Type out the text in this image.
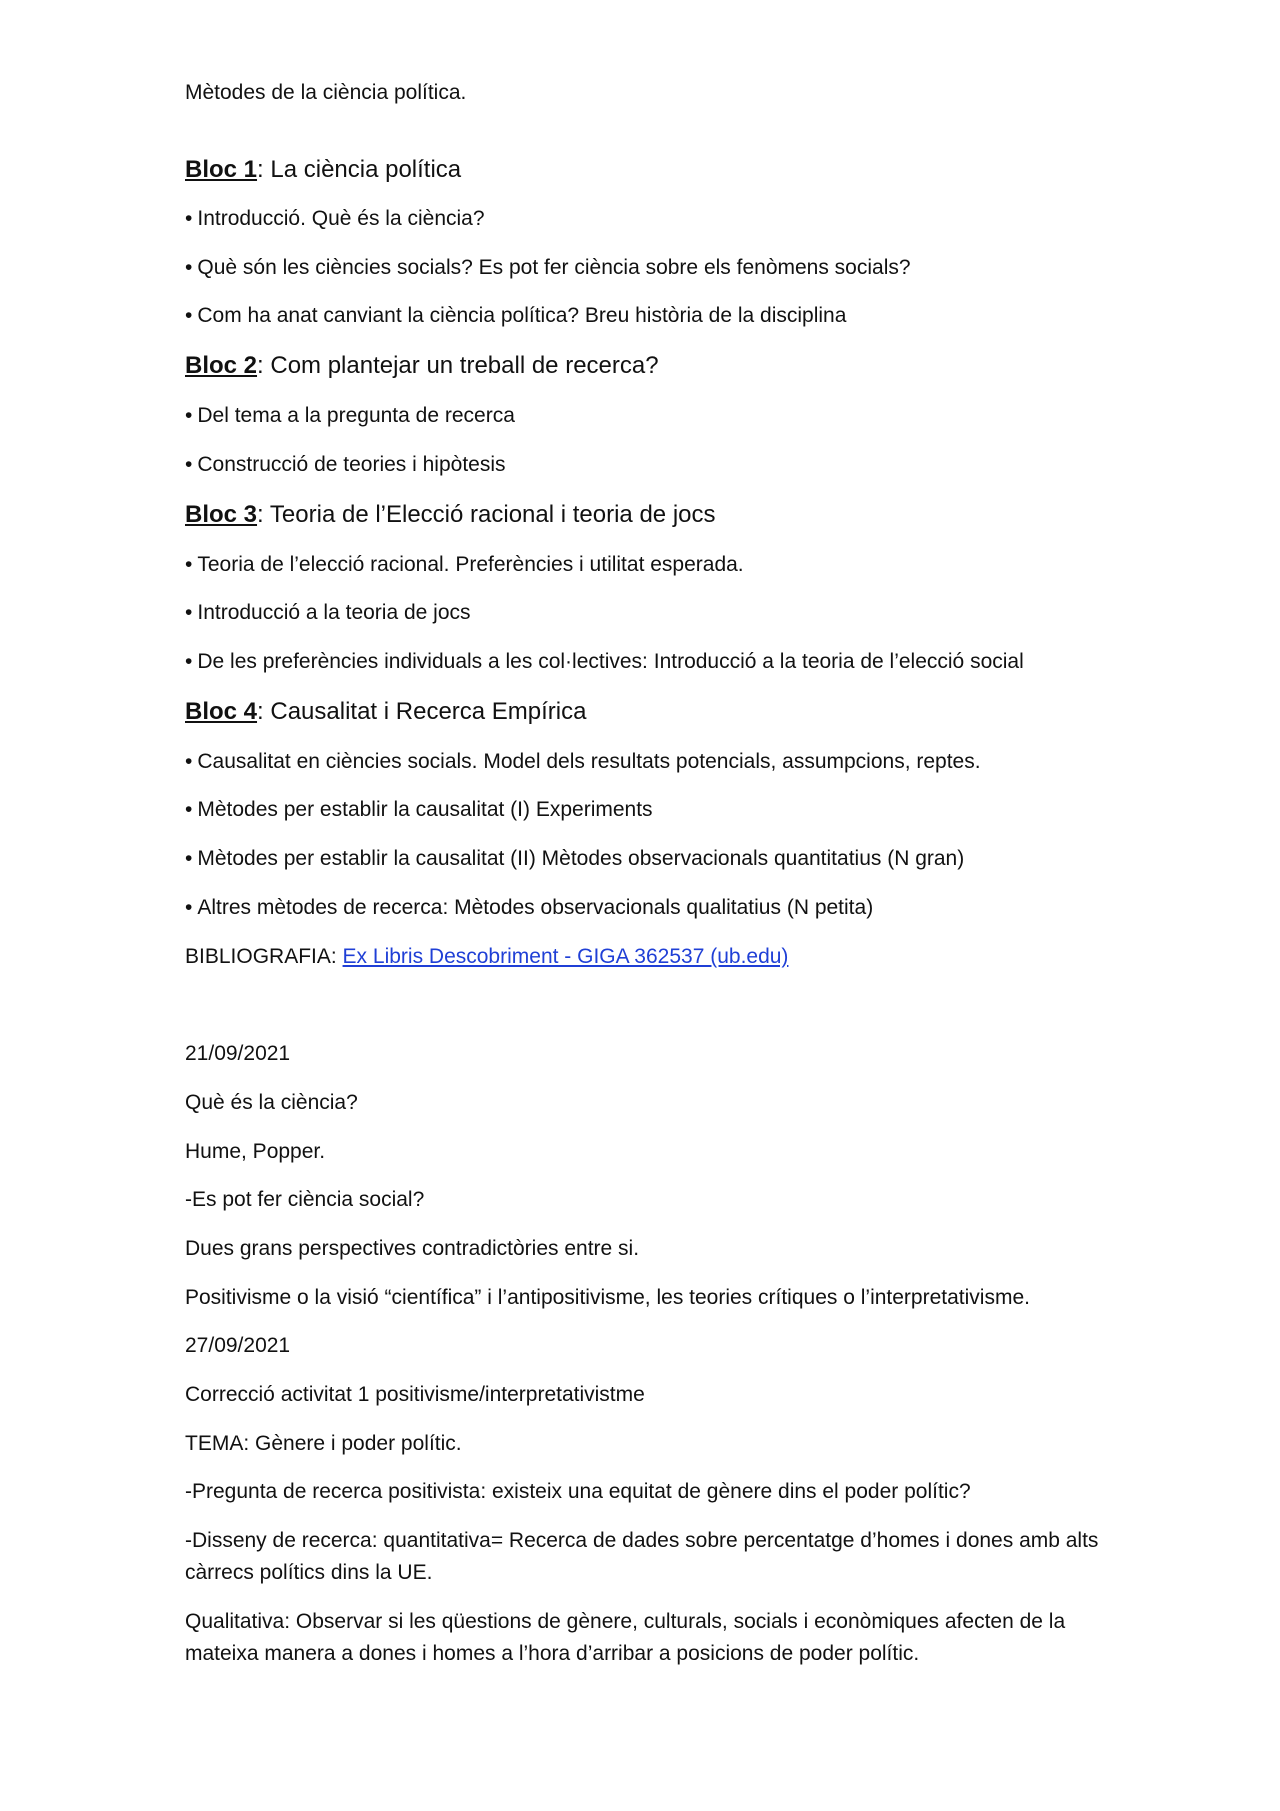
Mètodes de la ciència política.
Bloc 1: La ciència política
• Introducció. Què és la ciència?
• Què són les ciències socials? Es pot fer ciència sobre els fenòmens socials?
• Com ha anat canviant la ciència política? Breu història de la disciplina
Bloc 2: Com plantejar un treball de recerca?
• Del tema a la pregunta de recerca
• Construcció de teories i hipòtesis
Bloc 3: Teoria de l’Elecció racional i teoria de jocs
• Teoria de l’elecció racional. Preferències i utilitat esperada.
• Introducció a la teoria de jocs
• De les preferències individuals a les col·lectives: Introducció a la teoria de l’elecció social
Bloc 4: Causalitat i Recerca Empírica
• Causalitat en ciències socials. Model dels resultats potencials, assumpcions, reptes.
• Mètodes per establir la causalitat (I) Experiments
• Mètodes per establir la causalitat (II) Mètodes observacionals quantitatius (N gran)
• Altres mètodes de recerca: Mètodes observacionals qualitatius (N petita)
BIBLIOGRAFIA: Ex Libris Descobriment - GIGA 362537 (ub.edu)
21/09/2021
Què és la ciència?
Hume, Popper.
-Es pot fer ciència social?
Dues grans perspectives contradictòries entre si.
Positivisme o la visió “científica” i l’antipositivisme, les teories crítiques o l’interpretativisme.
27/09/2021
Correcció activitat 1 positivisme/interpretativistme
TEMA: Gènere i poder polític.
-Pregunta de recerca positivista: existeix una equitat de gènere dins el poder polític?
-Disseny de recerca: quantitativa= Recerca de dades sobre percentatge d’homes i dones amb alts càrrecs polítics dins la UE.
Qualitativa: Observar si les qüestions de gènere, culturals, socials i econòmiques afecten de la mateixa manera a dones i homes a l’hora d’arribar a posicions de poder polític.
